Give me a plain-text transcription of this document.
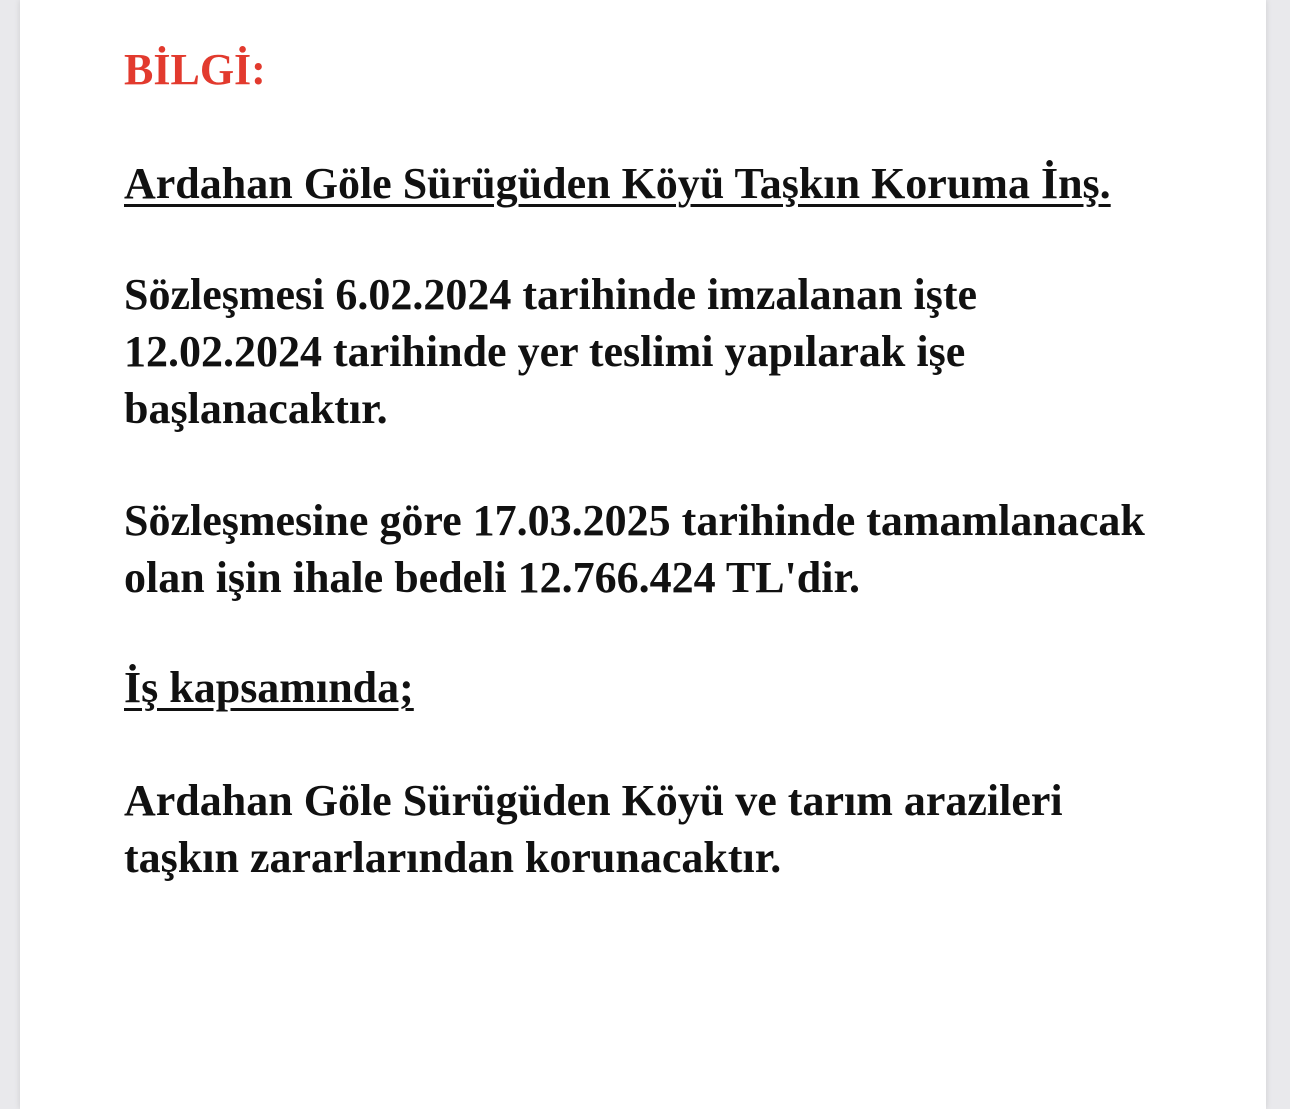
BİLGİ:

Ardahan Göle Sürügüden Köyü Taşkın Koruma İnş.

Sözleşmesi 6.02.2024 tarihinde imzalanan işte
12.02.2024 tarihinde yer teslimi yapılarak işe
başlanacaktır.

Sözleşmesine göre 17.03.2025 tarihinde tamamlanacak
olan işin ihale bedeli 12.766.424 TL'dir.

İş kapsamında;

Ardahan Göle Sürügüden Köyü ve tarım arazileri
taşkın zararlarından korunacaktır.
